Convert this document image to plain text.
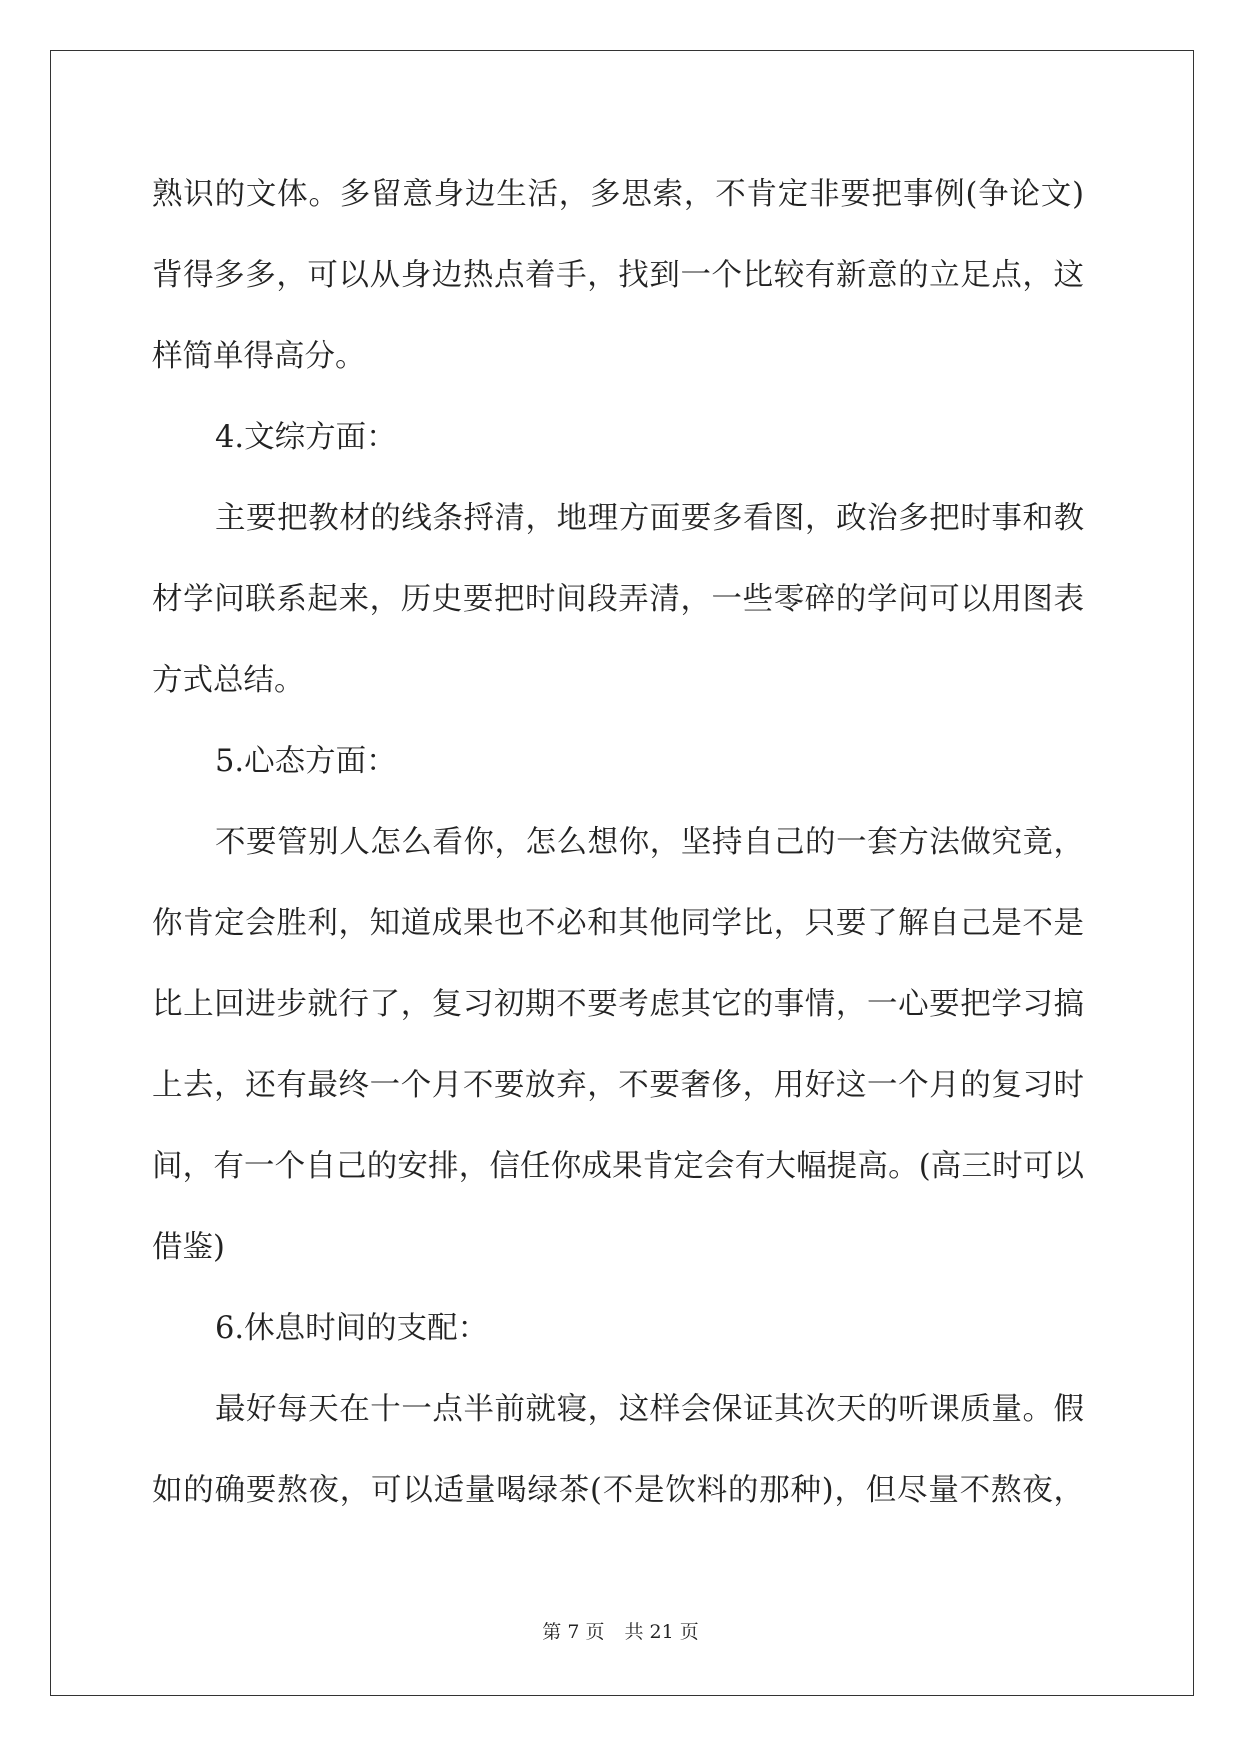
熟识的文体。多留意身边生活，多思索，不肯定非要把事例(争论文)
背得多多，可以从身边热点着手，找到一个比较有新意的立足点，这
样简单得高分。
4.文综方面：
主要把教材的线条捋清，地理方面要多看图，政治多把时事和教
材学问联系起来，历史要把时间段弄清，一些零碎的学问可以用图表
方式总结。
5.心态方面：
不要管别人怎么看你，怎么想你，坚持自己的一套方法做究竟，
你肯定会胜利，知道成果也不必和其他同学比，只要了解自己是不是
比上回进步就行了，复习初期不要考虑其它的事情，一心要把学习搞
上去，还有最终一个月不要放弃，不要奢侈，用好这一个月的复习时
间，有一个自己的安排，信任你成果肯定会有大幅提高。(高三时可以
借鉴)
6.休息时间的支配：
最好每天在十一点半前就寝，这样会保证其次天的听课质量。假
如的确要熬夜，可以适量喝绿茶(不是饮料的那种)，但尽量不熬夜，
第 7 页 共 21 页
